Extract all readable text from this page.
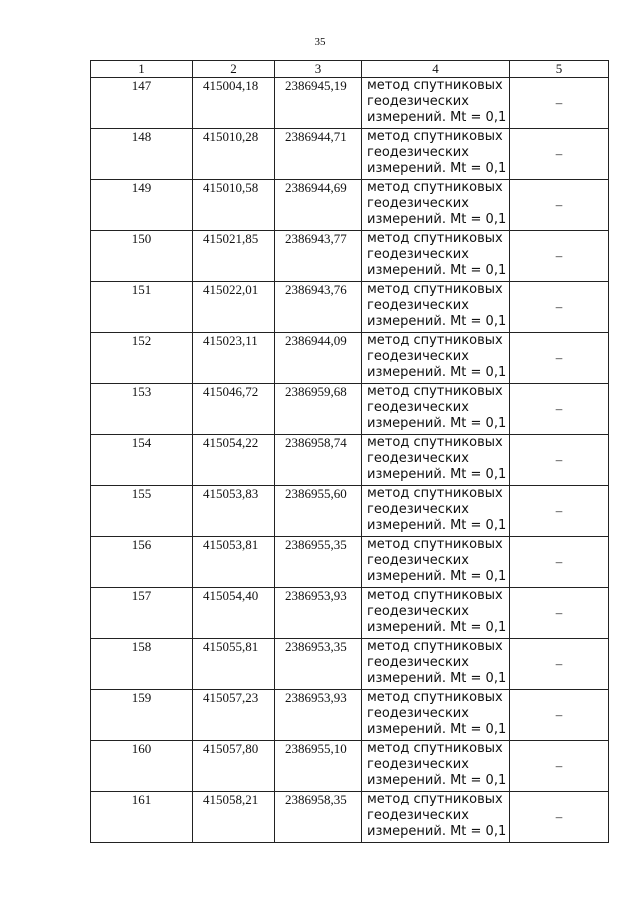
35
1	2	3	4	5
147	415004,18	2386945,19	метод спутниковых
геодезических
измерений. Mt = 0,1	–
148	415010,28	2386944,71	метод спутниковых
геодезических
измерений. Mt = 0,1	–
149	415010,58	2386944,69	метод спутниковых
геодезических
измерений. Mt = 0,1	–
150	415021,85	2386943,77	метод спутниковых
геодезических
измерений. Mt = 0,1	–
151	415022,01	2386943,76	метод спутниковых
геодезических
измерений. Mt = 0,1	–
152	415023,11	2386944,09	метод спутниковых
геодезических
измерений. Mt = 0,1	–
153	415046,72	2386959,68	метод спутниковых
геодезических
измерений. Mt = 0,1	–
154	415054,22	2386958,74	метод спутниковых
геодезических
измерений. Mt = 0,1	–
155	415053,83	2386955,60	метод спутниковых
геодезических
измерений. Mt = 0,1	–
156	415053,81	2386955,35	метод спутниковых
геодезических
измерений. Mt = 0,1	–
157	415054,40	2386953,93	метод спутниковых
геодезических
измерений. Mt = 0,1	–
158	415055,81	2386953,35	метод спутниковых
геодезических
измерений. Mt = 0,1	–
159	415057,23	2386953,93	метод спутниковых
геодезических
измерений. Mt = 0,1	–
160	415057,80	2386955,10	метод спутниковых
геодезических
измерений. Mt = 0,1	–
161	415058,21	2386958,35	метод спутниковых
геодезических
измерений. Mt = 0,1	–
